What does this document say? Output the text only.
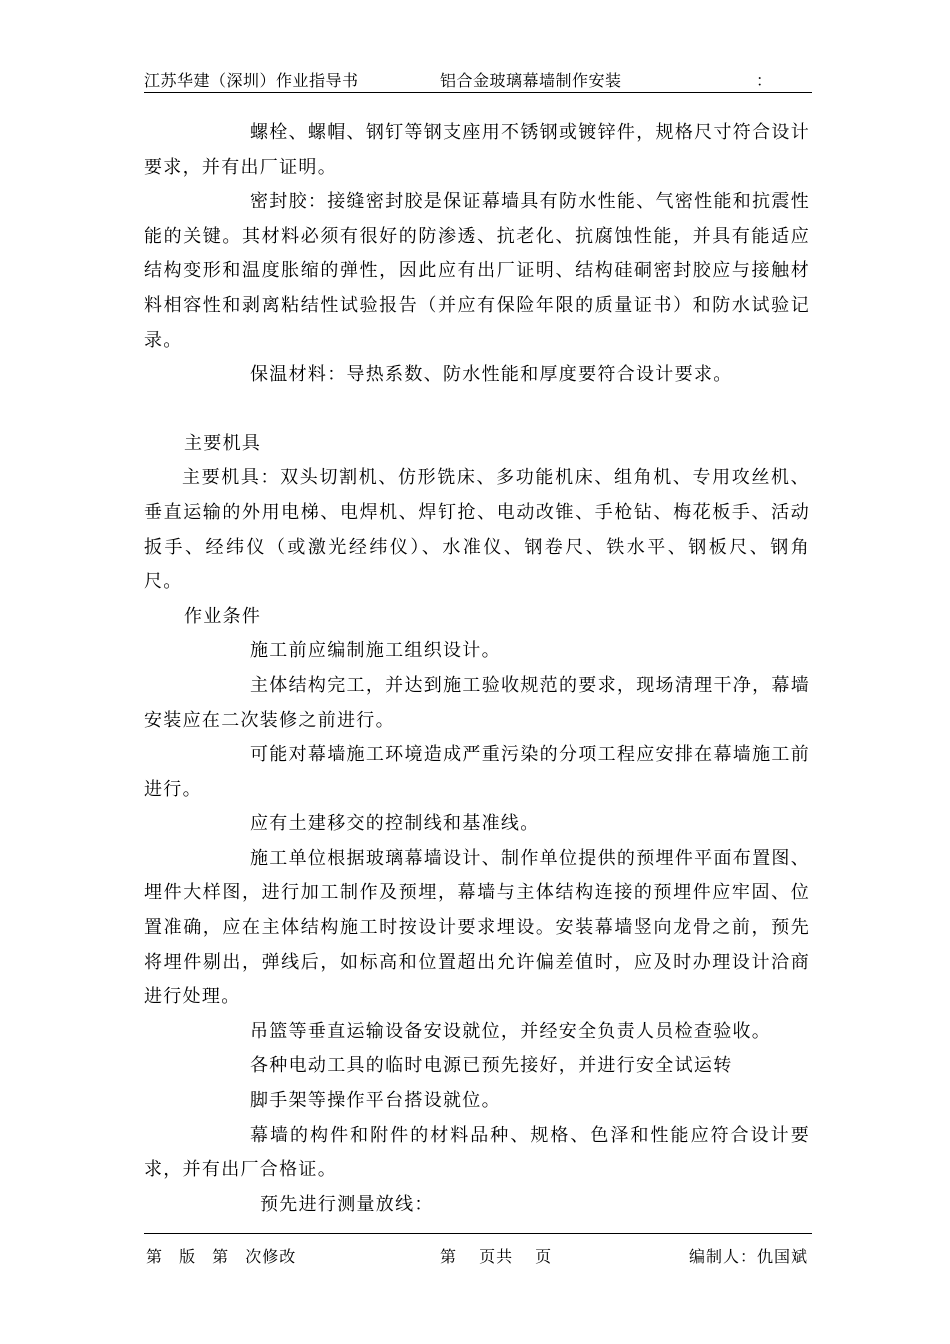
江苏华建（深圳）作业指导书	铝合金玻璃幕墙制作安装	：

螺栓、螺帽、钢钉等钢支座用不锈钢或镀锌件，规格尺寸符合设计要求，并有出厂证明。

密封胶：接缝密封胶是保证幕墙具有防水性能、气密性能和抗震性能的关键。其材料必须有很好的防渗透、抗老化、抗腐蚀性能，并具有能适应结构变形和温度胀缩的弹性，因此应有出厂证明、结构硅硐密封胶应与接触材料相容性和剥离粘结性试验报告（并应有保险年限的质量证书）和防水试验记录。

保温材料：导热系数、防水性能和厚度要符合设计要求。

主要机具

主要机具：双头切割机、仿形铣床、多功能机床、组角机、专用攻丝机、垂直运输的外用电梯、电焊机、焊钉抢、电动改锥、手枪钻、梅花板手、活动扳手、经纬仪（或激光经纬仪）、水准仪、钢卷尺、铁水平、钢板尺、钢角尺。

作业条件

施工前应编制施工组织设计。

主体结构完工，并达到施工验收规范的要求，现场清理干净，幕墙安装应在二次装修之前进行。

可能对幕墙施工环境造成严重污染的分项工程应安排在幕墙施工前进行。

应有土建移交的控制线和基准线。

施工单位根据玻璃幕墙设计、制作单位提供的预埋件平面布置图、埋件大样图，进行加工制作及预埋，幕墙与主体结构连接的预埋件应牢固、位置准确，应在主体结构施工时按设计要求埋设。安装幕墙竖向龙骨之前，预先将埋件剔出，弹线后，如标高和位置超出允许偏差值时，应及时办理设计洽商进行处理。

吊篮等垂直运输设备安设就位，并经安全负责人员检查验收。

各种电动工具的临时电源已预先接好，并进行安全试运转

脚手架等操作平台搭设就位。

幕墙的构件和附件的材料品种、规格、色泽和性能应符合设计要求，并有出厂合格证。

预先进行测量放线：

第 版 第 次修改	第 页共 页	编制人：仇国斌
